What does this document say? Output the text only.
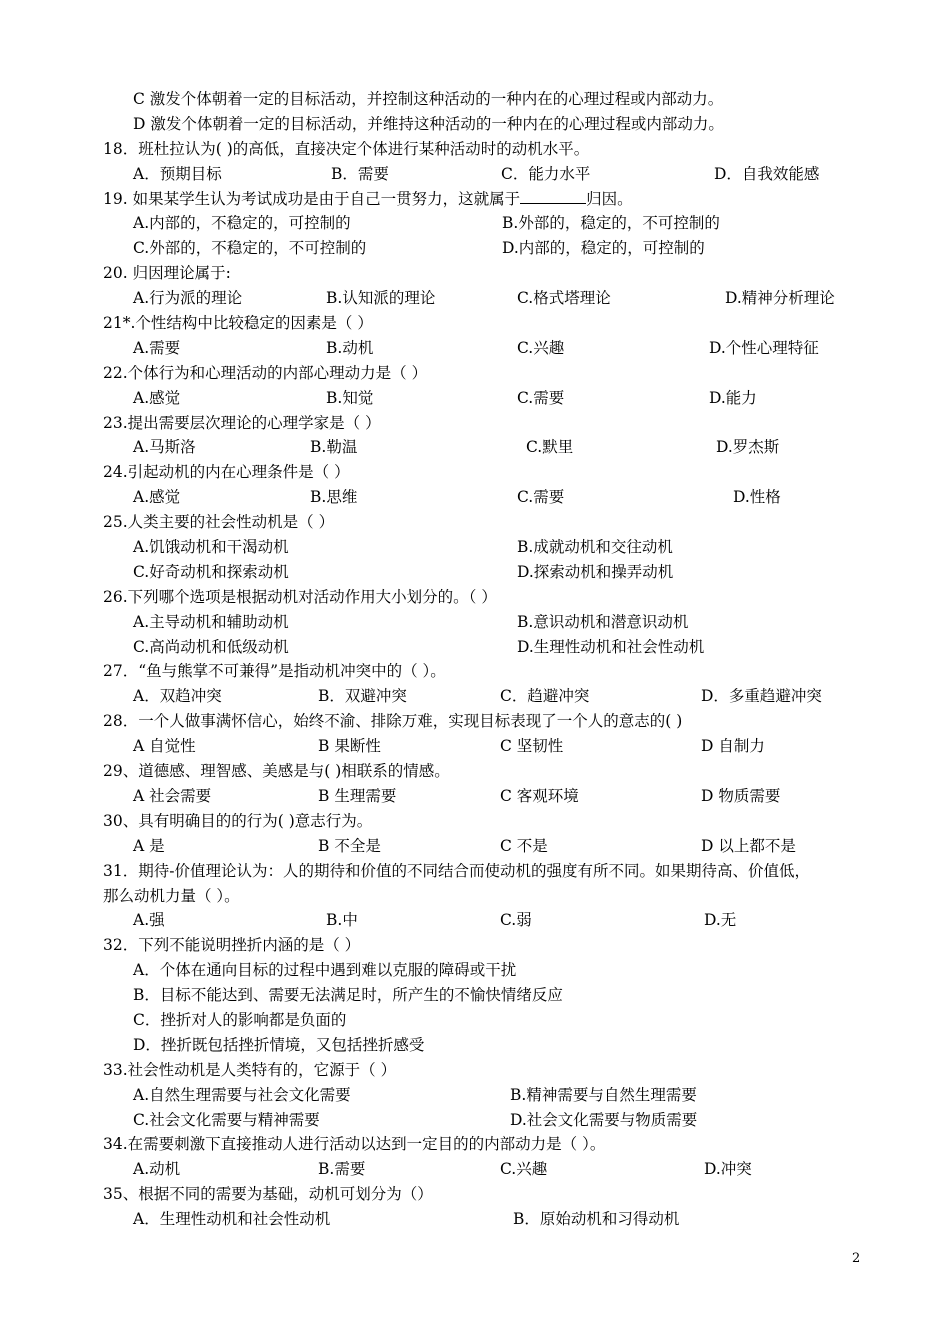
C 激发个体朝着一定的目标活动，并控制这种活动的一种内在的心理过程或内部动力。
D 激发个体朝着一定的目标活动，并维持这种活动的一种内在的心理过程或内部动力。
18．班杜拉认为( )的高低，直接决定个体进行某种活动时的动机水平。
A．预期目标	B．需要	C．能力水平	D．自我效能感
19. 如果某学生认为考试成功是由于自己一贯努力，这就属于	归因。
A.内部的，不稳定的，可控制的	B.外部的，稳定的，不可控制的
C.外部的，不稳定的，不可控制的	D.内部的，稳定的，可控制的
20. 归因理论属于:
A.行为派的理论	B.认知派的理论	C.格式塔理论	D.精神分析理论
21*.个性结构中比较稳定的因素是（ ）
A.需要	B.动机	C.兴趣	D.个性心理特征
22.个体行为和心理活动的内部心理动力是（ ）
A.感觉	B.知觉	C.需要	D.能力
23.提出需要层次理论的心理学家是（ ）
A.马斯洛	B.勒温	C.默里	D.罗杰斯
24.引起动机的内在心理条件是（ ）
A.感觉	B.思维	C.需要	D.性格
25.人类主要的社会性动机是（ ）
A.饥饿动机和干渴动机	B.成就动机和交往动机
C.好奇动机和探索动机	D.探索动机和操弄动机
26.下列哪个选项是根据动机对活动作用大小划分的。（ ）
A.主导动机和辅助动机	B.意识动机和潜意识动机
C.高尚动机和低级动机	D.生理性动机和社会性动机
27．“鱼与熊掌不可兼得”是指动机冲突中的（ ）。
A．双趋冲突	B．双避冲突	C．趋避冲突	D．多重趋避冲突
28．一个人做事满怀信心，始终不渝、排除万难，实现目标表现了一个人的意志的( )
A 自觉性	B 果断性	C 坚韧性	D 自制力
29、道德感、理智感、美感是与( )相联系的情感。
A 社会需要	B 生理需要	C 客观环境	D 物质需要
30、具有明确目的的行为( )意志行为。
A 是	B 不全是	C 不是	D 以上都不是
31．期待-价值理论认为：人的期待和价值的不同结合而使动机的强度有所不同。如果期待高、价值低，
那么动机力量（ ）。
A.强	B.中	C.弱	D.无
32．下列不能说明挫折内涵的是（ ）
A．个体在通向目标的过程中遇到难以克服的障碍或干扰
B．目标不能达到、需要无法满足时，所产生的不愉快情绪反应
C．挫折对人的影响都是负面的
D．挫折既包括挫折情境，又包括挫折感受
33.社会性动机是人类特有的，它源于（ ）
A.自然生理需要与社会文化需要	B.精神需要与自然生理需要
C.社会文化需要与精神需要	D.社会文化需要与物质需要
34.在需要刺激下直接推动人进行活动以达到一定目的的内部动力是（ ）。
A.动机	B.需要	C.兴趣	D.冲突
35、根据不同的需要为基础，动机可划分为（）
A．生理性动机和社会性动机	B．原始动机和习得动机
2
